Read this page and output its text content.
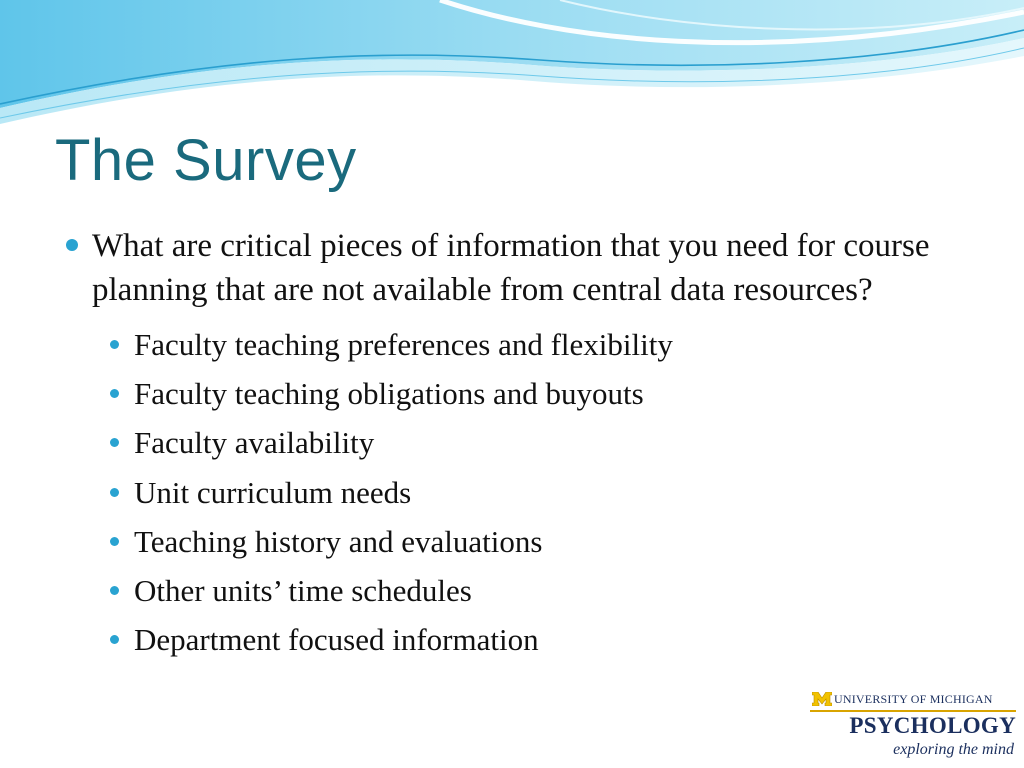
The Survey
What are critical pieces of information that you need for course planning that are not available from central data resources?
Faculty teaching preferences and flexibility
Faculty teaching obligations and buyouts
Faculty availability
Unit curriculum needs
Teaching history and evaluations
Other units’ time schedules
Department focused information
UNIVERSITY OF MICHIGAN
PSYCHOLOGY
exploring the mind
